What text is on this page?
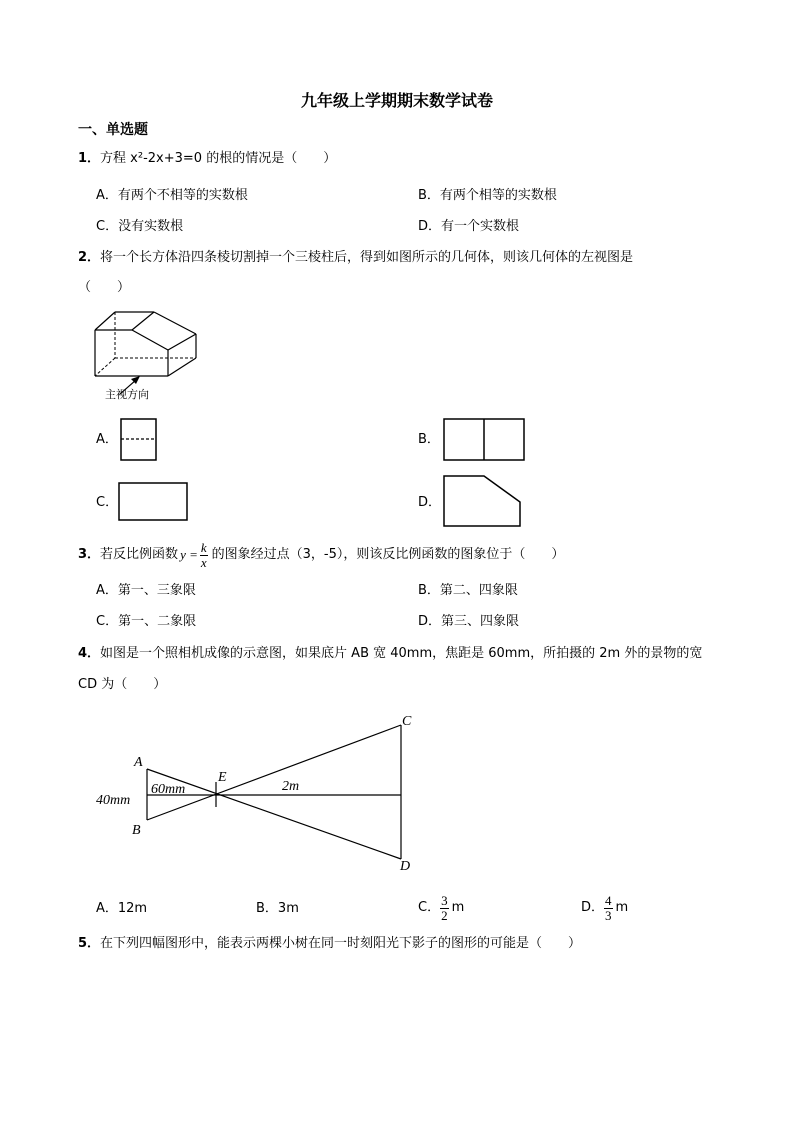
九年级上学期期末数学试卷
一、单选题
1．方程 x²-2x+3=0 的根的情况是（　　）
A．有两个不相等的实数根	B．有两个相等的实数根
C．没有实数根	D．有一个实数根
2．将一个长方体沿四条棱切割掉一个三棱柱后，得到如图所示的几何体，则该几何体的左视图是
（　　）
主视方向
A．	B．
C．	D．
3． 若反比例函数 $y = \frac{k}{x}$ 的图象经过点（3，-5），则该反比例函数的图象位于（　　）
A．第一、三象限	B．第二、四象限
C．第一、二象限	D．第三、四象限
4．如图是一个照相机成像的示意图，如果底片 AB 宽 40mm，焦距是 60mm，所拍摄的 2m 外的景物的宽
CD 为（　　）
A
B
C
D
E
40mm
60mm	2m
A．12m	B．3m	C． $\frac{3}{2}$ m	D． $\frac{4}{3}$ m
5．在下列四幅图形中，能表示两棵小树在同一时刻阳光下影子的图形的可能是（　　）
